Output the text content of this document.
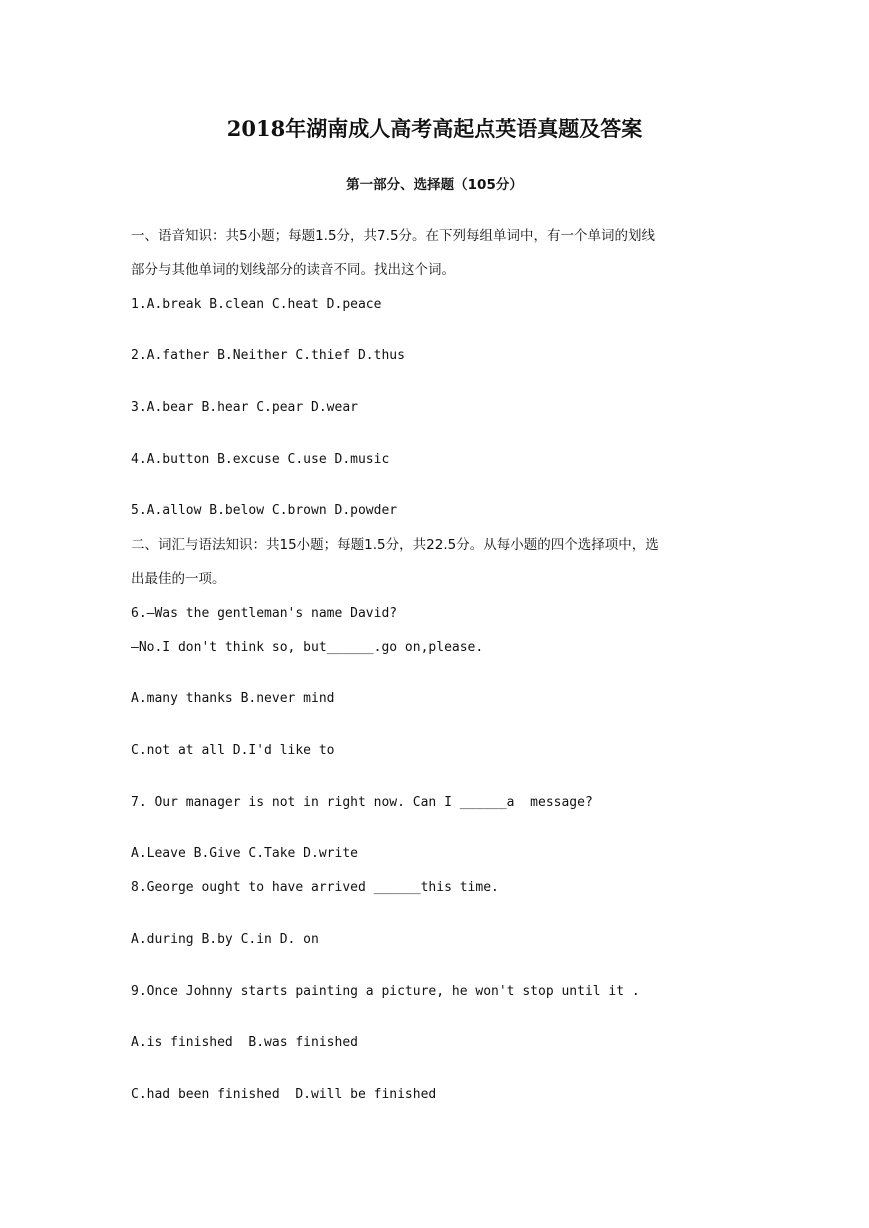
2018年湖南成人高考高起点英语真题及答案
第一部分、选择题（105分）
一、语音知识：共5小题；每题1.5分，共7.5分。在下列每组单词中，有一个单词的划线
部分与其他单词的划线部分的读音不同。找出这个词。
1.A.break B.clean C.heat D.peace
2.A.father B.Neither C.thief D.thus
3.A.bear B.hear C.pear D.wear
4.A.button B.excuse C.use D.music
5.A.allow B.below C.brown D.powder
二、词汇与语法知识：共15小题；每题1.5分，共22.5分。从每小题的四个选择项中，选
出最佳的一项。
6.—Was the gentleman's name David?
—No.I don't think so, but______.go on,please.
A.many thanks B.never mind
C.not at all D.I'd like to
7. Our manager is not in right now. Can I ______a  message?
A.Leave B.Give C.Take D.write
8.George ought to have arrived ______this time.
A.during B.by C.in D. on
9.Once Johnny starts painting a picture, he won't stop until it .
A.is finished  B.was finished
C.had been finished  D.will be finished
